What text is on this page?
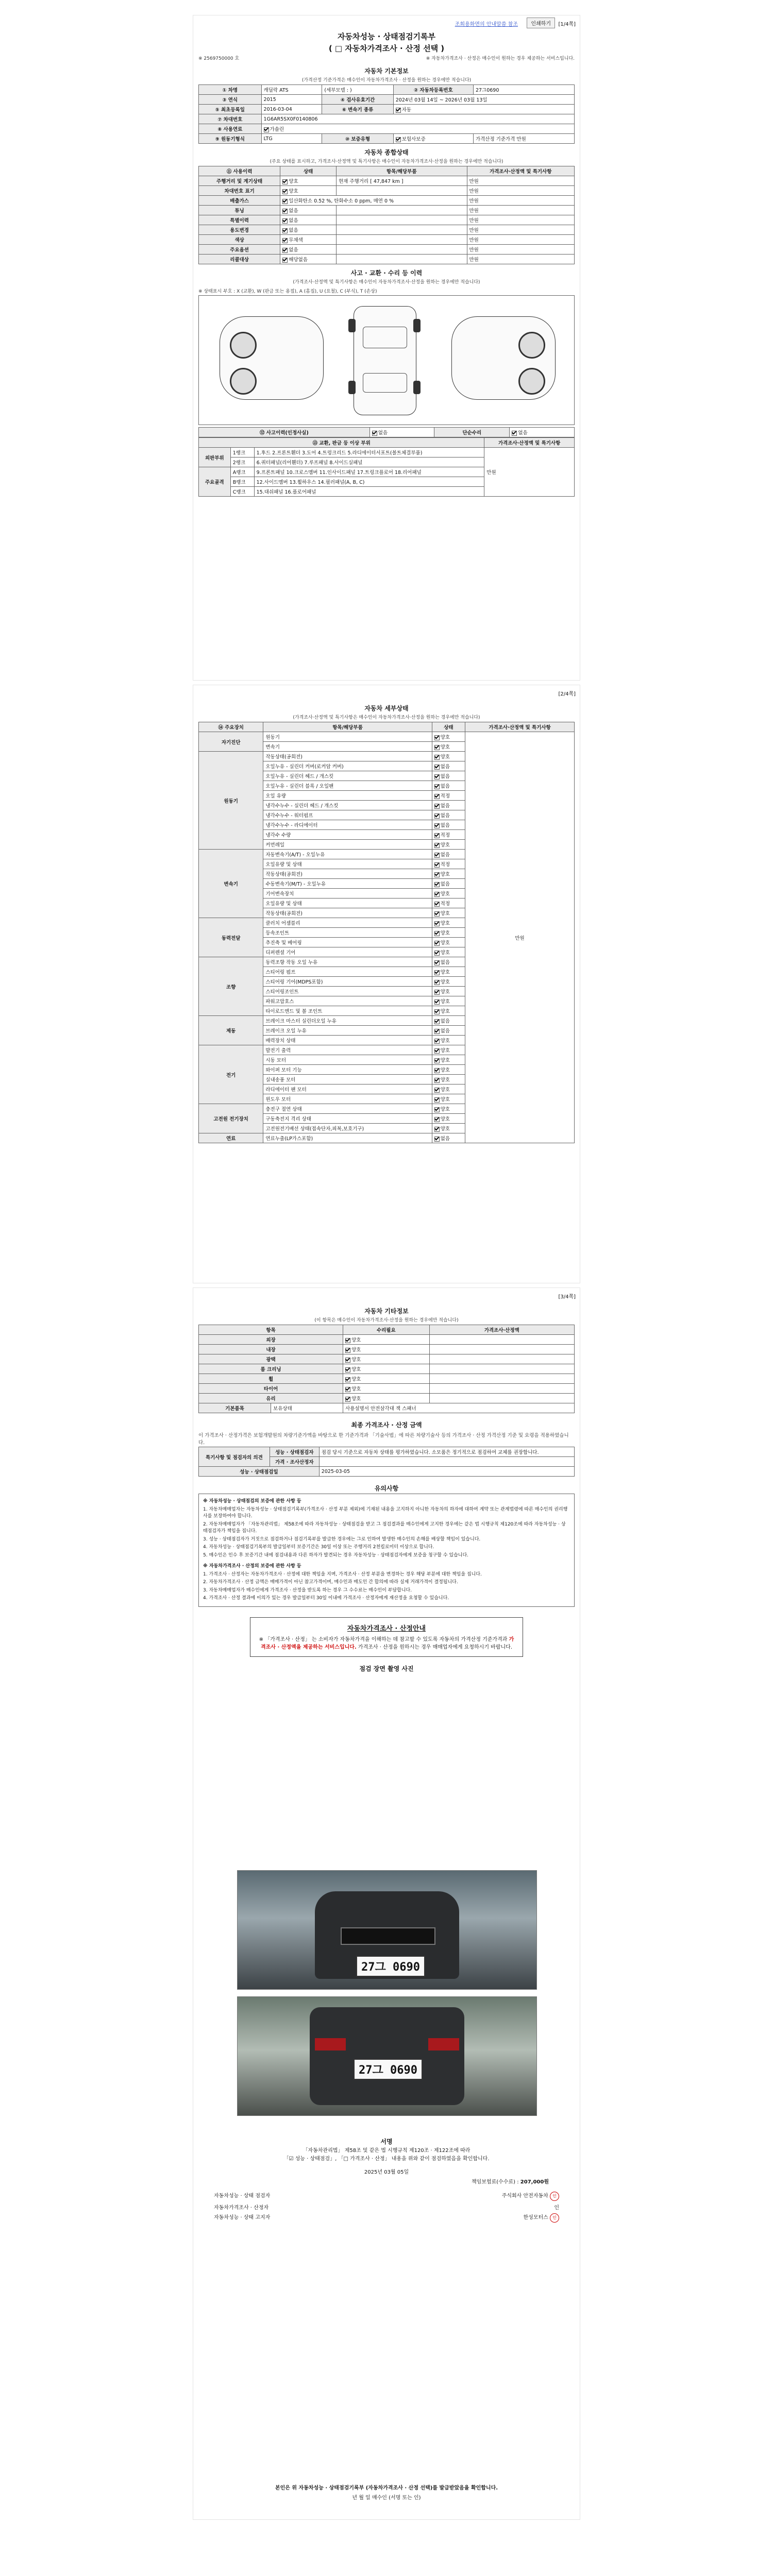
조회용화면의 안내말씀 참조	인쇄하기	[1/4쪽]
자동차성능 · 상태점검기록부
( □ 자동차가격조사 · 산정 선택 )
※ 2569750000 호	※ 자동차가격조사 · 산정은 매수인이 원하는 경우 제공하는 서비스입니다.
자동차 기본정보
(가격산정 기준가격은 매수인이 자동차가격조사 · 산정을 원하는 경우에만 적습니다)
① 차명	캐딜락 ATS	(세부모델 : )	② 자동차등록번호	27그0690
③ 연식	2015	④ 검사유효기간	2024년 03월 14일 ~ 2026년 03월 13일	
⑤ 최초등록일	2016-03-04	⑥ 변속기 종류	자동	
⑦ 차대번호	1G6AR5SX0F0140806			
⑧ 사용연료	가솔린			
⑨ 원동기형식	LTG	⑩ 보증유형	보험사보증	가격산정 기준가격 만원
자동차 종합상태
(주요 상태를 표시하고, 가격조사·산정액 및 특기사항은 매수인이 자동차가격조사·산정을 원하는 경우에만 적습니다)
⑪ 사용이력	상태	항목/해당부품	가격조사·산정액 및 특기사항
주행거리 및 계기상태	양호	현재 주행거리 [ 47,847 km ]	만원
차대번호 표기	양호		만원
배출가스	일산화탄소 0.52 %, 탄화수소 0 ppm, 매연 0 %		만원
튜닝	없음		만원
특별이력	없음		만원
용도변경	없음		만원
색상	무채색		만원
주요옵션	없음		만원
리콜대상	해당없음		만원
사고 · 교환 · 수리 등 이력
(가격조사·산정액 및 특기사항은 매수인이 자동차가격조사·산정을 원하는 경우에만 적습니다)
※ 상태표시 부호 : X (교환), W (판금 또는 용접), A (흠집), U (요철), C (부식), T (손상)
⑫ 사고이력(인정사실)	없음	단순수리	없음
⑬ 교환, 판금 등 이상 부위			가격조사·산정액 및 특기사항
외판부위	1랭크	1.후드 2.프론트휀더 3.도어 4.트렁크리드 5.라디에이터서포트(볼트체결부품)	만원
	2랭크	6.쿼터패널(리어휀더) 7.루프패널 8.사이드실패널	
주요골격	A랭크	9.프론트패널 10.크로스멤버 11.인사이드패널 17.트렁크플로어 18.리어패널	
	B랭크	12.사이드멤버 13.휠하우스 14.필러패널(A, B, C)	
	C랭크	15.대쉬패널 16.플로어패널	
[2/4쪽]
자동차 세부상태
(가격조사·산정액 및 특기사항은 매수인이 자동차가격조사·산정을 원하는 경우에만 적습니다)
⑭ 주요장치	항목/해당부품	상태	가격조사·산정액 및 특기사항
자기진단	원동기	양호	만원
	변속기	양호	
원동기	작동상태(공회전)	양호	
	오일누유 - 실린더 커버(로커암 커버)	없음	
	오일누유 - 실린더 헤드 / 개스킷	없음	
	오일누유 - 실린더 블록 / 오일팬	없음	
	오일 유량	적정	
	냉각수누수 - 실린더 헤드 / 개스킷	없음	
	냉각수누수 - 워터펌프	없음	
	냉각수누수 - 라디에이터	없음	
	냉각수 수량	적정	
	커먼레일	양호	
변속기	자동변속기(A/T) - 오일누유	없음	
	오일유량 및 상태	적정	
	작동상태(공회전)	양호	
	수동변속기(M/T) - 오일누유	없음	
	기어변속장치	양호	
	오일유량 및 상태	적정	
	작동상태(공회전)	양호	
동력전달	클러치 어셈블리	양호	
	등속조인트	양호	
	추진축 및 베어링	양호	
	디퍼렌셜 기어	양호	
조향	동력조향 작동 오일 누유	없음	
	스티어링 펌프	양호	
	스티어링 기어(MDPS포함)	양호	
	스티어링조인트	양호	
	파워고압호스	양호	
	타이로드엔드 및 볼 조인트	양호	
제동	브레이크 마스터 실린더오일 누유	없음	
	브레이크 오일 누유	없음	
	배력장치 상태	양호	
전기	발전기 출력	양호	
	시동 모터	양호	
	와이퍼 모터 기능	양호	
	실내송풍 모터	양호	
	라디에이터 팬 모터	양호	
	윈도우 모터	양호	
고전원 전기장치	충전구 절연 상태	양호	
	구동축전지 격리 상태	양호	
	고전원전기배선 상태(접속단자,피복,보호기구)	양호	
연료	연료누출(LP가스포함)	없음	
[3/4쪽]
자동차 기타정보
(이 항목은 매수인이 자동차가격조사·산정을 원하는 경우에만 적습니다)
항목		수리필요	가격조사·산정액
외장		양호	
내장		양호	
광택		양호	
룸 크리닝		양호	
휠		양호	
타이어		양호	
유리		양호	
기본품목	보유상태	사용설명서 안전삼각대 잭 스패너	
최종 가격조사 · 산정 금액
이 가격조사 · 산정가격은 보험개발원의 차량기준가액을 바탕으로 한 기준가격과 「기술사법」에 따른 차량기술사 등의 가격조사 · 산정 가격산정 기준 및 요령을 적용하였습니다.
특기사항 및 점검자의 의견	성능 · 상태점검자	점검 당시 기준으로 자동차 상태를 평가하였습니다. 소모품은 정기적으로 점검하여 교체를 권장합니다.
	가격 · 조사산정자	
성능 · 상태점검일		2025-03-05
유의사항

※ 자동차성능 · 상태점검의 보증에 관한 사항 등

1. 자동차매매업자는 자동차성능 · 상태점검기록부(가격조사 · 산정 부분 제외)에 기재된 내용을 고지하지 아니한 자동차의 하자에 대하여 계약 또는 관계법령에 따른 매수인의 권리행사를 보장하여야 합니다.

2. 자동차매매업자가 「자동차관리법」 제58조에 따라 자동차성능 · 상태점검을 받고 그 점검결과를 매수인에게 고지한 경우에는 같은 법 시행규칙 제120조에 따라 자동차성능 · 상태점검자가 책임을 집니다.

3. 성능 · 상태점검자가 거짓으로 점검하거나 점검기록부를 발급한 경우에는 그로 인하여 발생한 매수인의 손해를 배상할 책임이 있습니다.

4. 자동차성능 · 상태점검기록부의 발급일부터 보증기간은 30일 이상 또는 주행거리 2천킬로미터 이상으로 합니다.

5. 매수인은 인수 후 보증기간 내에 점검내용과 다른 하자가 발견되는 경우 자동차성능 · 상태점검자에게 보증을 청구할 수 있습니다.

※ 자동차가격조사 · 산정의 보증에 관한 사항 등

1. 가격조사 · 산정자는 자동차가격조사 · 산정에 대한 책임을 지며, 가격조사 · 산정 부분을 변경하는 경우 해당 부분에 대한 책임을 집니다.

2. 자동차가격조사 · 산정 금액은 매매가격이 아닌 참고가격이며, 매수인과 매도인 간 합의에 따라 실제 거래가격이 결정됩니다.

3. 자동차매매업자가 매수인에게 가격조사 · 산정을 받도록 하는 경우 그 수수료는 매수인이 부담합니다.

4. 가격조사 · 산정 결과에 이의가 있는 경우 발급일부터 30일 이내에 가격조사 · 산정자에게 재산정을 요청할 수 있습니다.

자동차가격조사 · 산정안내
※ 「가격조사 · 산정」 는 소비자가 자동차가격을 이해하는 데 참고할 수 있도록 자동차의 가격산정 기준가격과 가격조사 · 산정액을 제공하는 서비스입니다. 가격조사 · 산정을 원하시는 경우 매매업자에게 요청하시기 바랍니다.
점검 장면 촬영 사진
27그 0690
27그 0690
서명
「자동차관리법」 제58조 및 같은 법 시행규칙 제120조 · 제122조에 따라
「☑ 성능 · 상태점검」, 「□ 가격조사 · 산정」 내용을 위와 같이 점검하였음을 확인합니다.
2025년 03월 05일
책임보험료(수수료) : 207,000원
자동차성능 · 상태 점검자	주식회사 안전자동차 인
자동차가격조사 · 산정자	인
자동차성능 · 상태 고지자	한성모터스 인
본인은 위 자동차성능 · 상태점검기록부 (자동차가격조사 · 산정 선택)를 발급받았음을 확인합니다.
년 월 일 매수인 (서명 또는 인)
